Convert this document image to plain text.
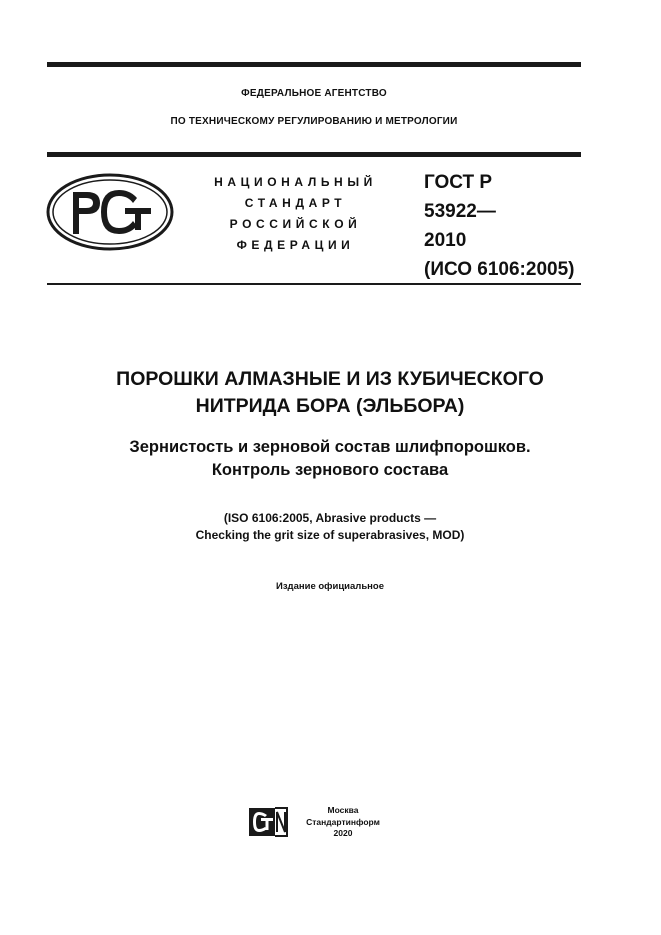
ФЕДЕРАЛЬНОЕ АГЕНТСТВО
ПО ТЕХНИЧЕСКОМУ РЕГУЛИРОВАНИЮ И МЕТРОЛОГИИ
НАЦИОНАЛЬНЫЙ
СТАНДАРТ
РОССИЙСКОЙ
ФЕДЕРАЦИИ
ГОСТ Р
53922—
2010
(ИСО 6106:2005)
ПОРОШКИ АЛМАЗНЫЕ И ИЗ КУБИЧЕСКОГО
НИТРИДА БОРА (ЭЛЬБОРА)
Зернистость и зерновой состав шлифпорошков.
Контроль зернового состава
(ISO 6106:2005, Abrasive products —
Checking the grit size of superabrasives, MOD)
Издание официальное
Москва
Стандартинформ
2020
